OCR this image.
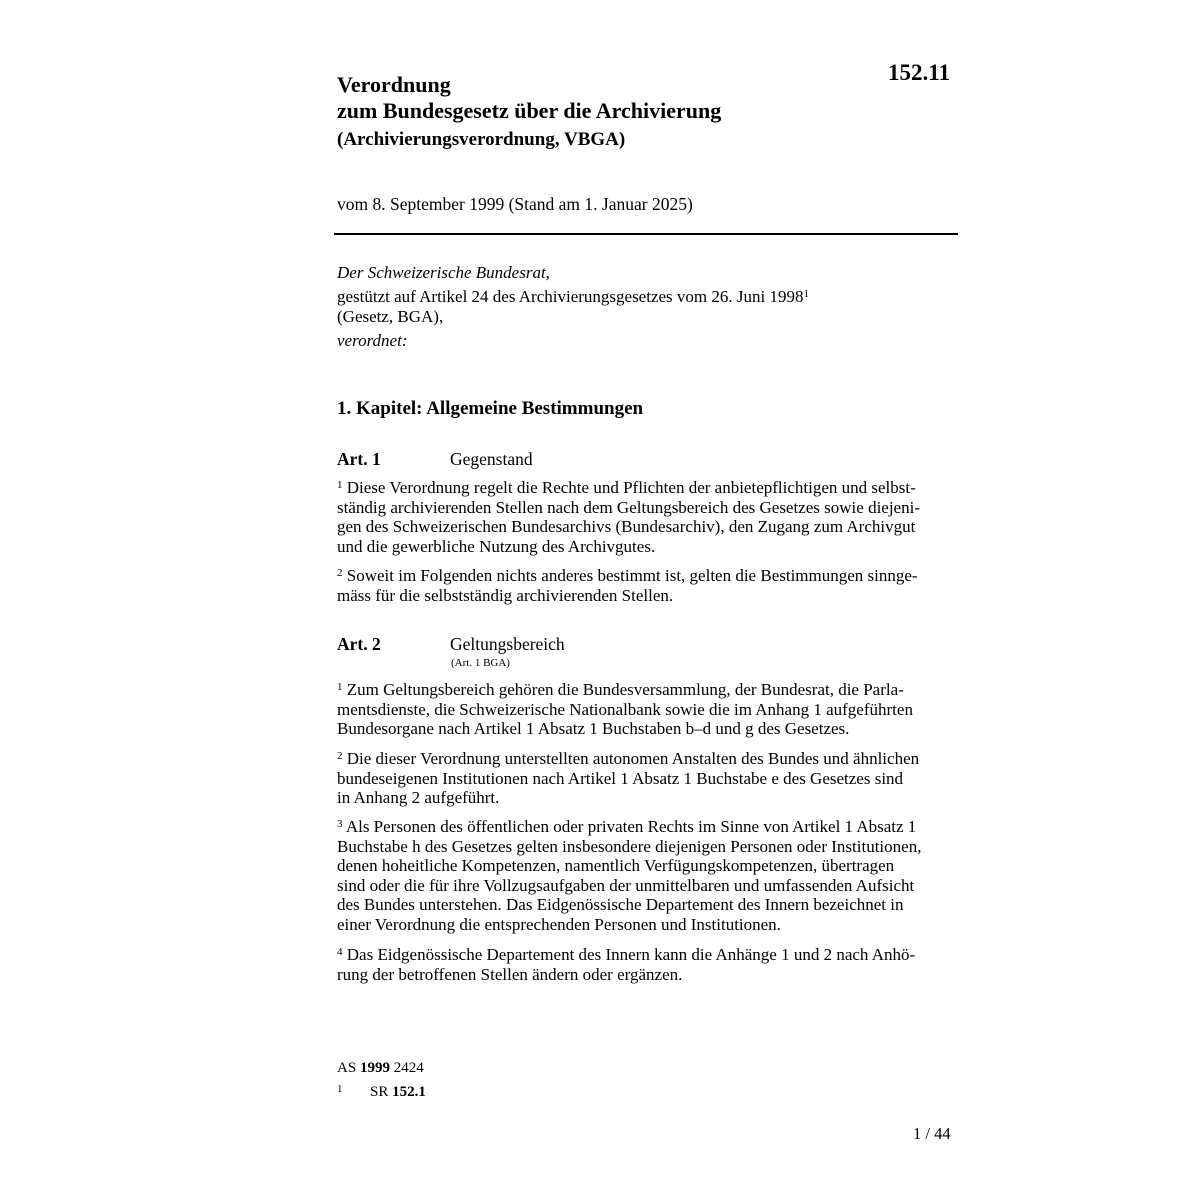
152.11
Verordnung
zum Bundesgesetz über die Archivierung
(Archivierungsverordnung, VBGA)
vom 8. September 1999 (Stand am 1. Januar 2025)
Der Schweizerische Bundesrat,
gestützt auf Artikel 24 des Archivierungsgesetzes vom 26. Juni 1998$^1$
(Gesetz, BGA),
verordnet:
1. Kapitel: Allgemeine Bestimmungen
Art. 1	Gegenstand
$^1$ Diese Verordnung regelt die Rechte und Pflichten der anbietepflichtigen und selbst-
ständig archivierenden Stellen nach dem Geltungsbereich des Gesetzes sowie diejeni-
gen des Schweizerischen Bundesarchivs (Bundesarchiv), den Zugang zum Archivgut
und die gewerbliche Nutzung des Archivgutes.
$^2$ Soweit im Folgenden nichts anderes bestimmt ist, gelten die Bestimmungen sinnge-
mäss für die selbstständig archivierenden Stellen.
Art. 2	Geltungsbereich
(Art. 1 BGA)
$^1$ Zum Geltungsbereich gehören die Bundesversammlung, der Bundesrat, die Parla-
mentsdienste, die Schweizerische Nationalbank sowie die im Anhang 1 aufgeführten
Bundesorgane nach Artikel 1 Absatz 1 Buchstaben b–d und g des Gesetzes.
$^2$ Die dieser Verordnung unterstellten autonomen Anstalten des Bundes und ähnlichen
bundeseigenen Institutionen nach Artikel 1 Absatz 1 Buchstabe e des Gesetzes sind
in Anhang 2 aufgeführt.
$^3$ Als Personen des öffentlichen oder privaten Rechts im Sinne von Artikel 1 Absatz 1
Buchstabe h des Gesetzes gelten insbesondere diejenigen Personen oder Institutionen,
denen hoheitliche Kompetenzen, namentlich Verfügungskompetenzen, übertragen
sind oder die für ihre Vollzugsaufgaben der unmittelbaren und umfassenden Aufsicht
des Bundes unterstehen. Das Eidgenössische Departement des Innern bezeichnet in
einer Verordnung die entsprechenden Personen und Institutionen.
$^4$ Das Eidgenössische Departement des Innern kann die Anhänge 1 und 2 nach Anhö-
rung der betroffenen Stellen ändern oder ergänzen.
AS 1999 2424
1 SR 152.1
1 / 44
